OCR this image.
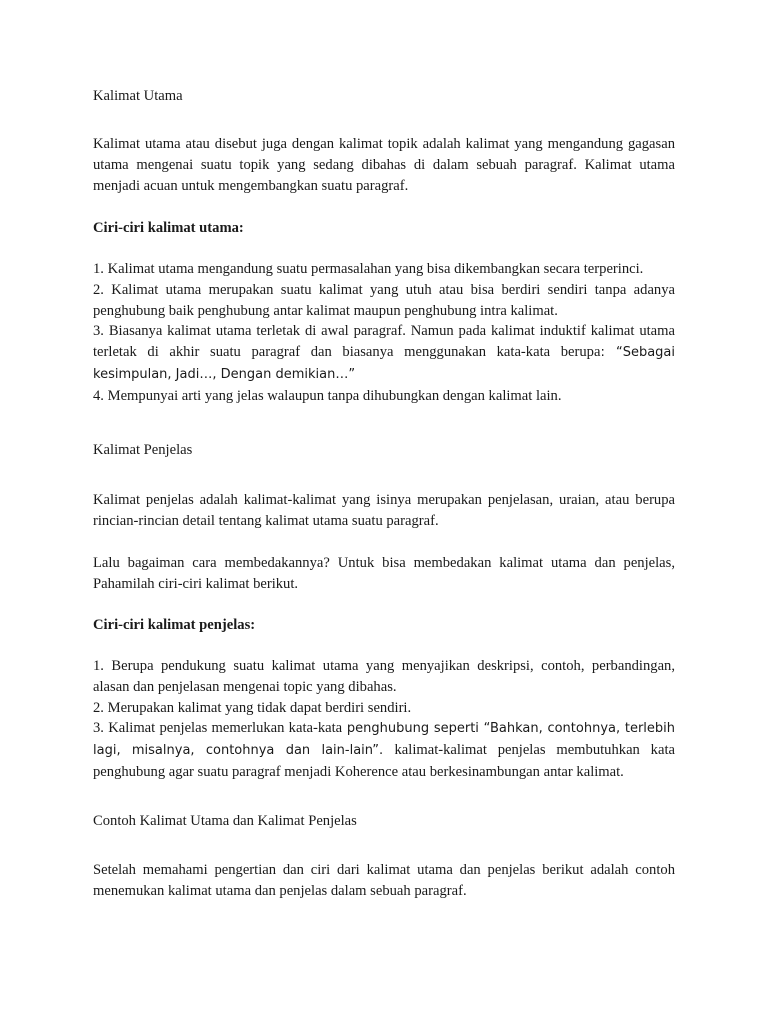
Kalimat Utama

Kalimat utama atau disebut juga dengan kalimat topik adalah kalimat yang mengandung gagasan utama mengenai suatu topik yang sedang dibahas di dalam sebuah paragraf. Kalimat utama menjadi acuan untuk mengembangkan suatu paragraf.

Ciri-ciri kalimat utama:

1. Kalimat utama mengandung suatu permasalahan yang bisa dikembangkan secara terperinci.

2. Kalimat utama merupakan suatu kalimat yang utuh atau bisa berdiri sendiri tanpa adanya penghubung baik penghubung antar kalimat maupun penghubung intra kalimat.

3. Biasanya kalimat utama terletak di awal paragraf. Namun pada kalimat induktif kalimat utama terletak di akhir suatu paragraf dan biasanya menggunakan kata-kata berupa: “Sebagai kesimpulan, Jadi…, Dengan demikian…”

4. Mempunyai arti yang jelas walaupun tanpa dihubungkan dengan kalimat lain.

Kalimat Penjelas

Kalimat penjelas adalah kalimat-kalimat yang isinya merupakan penjelasan, uraian, atau berupa rincian-rincian detail tentang kalimat utama suatu paragraf.

Lalu bagaiman cara membedakannya? Untuk bisa membedakan kalimat utama dan penjelas, Pahamilah ciri-ciri kalimat berikut.

Ciri-ciri kalimat penjelas:

1. Berupa pendukung suatu kalimat utama yang menyajikan deskripsi, contoh, perbandingan, alasan dan penjelasan mengenai topic yang dibahas.

2. Merupakan kalimat yang tidak dapat berdiri sendiri.

3. Kalimat penjelas memerlukan kata-kata penghubung seperti “Bahkan, contohnya, terlebih lagi, misalnya, contohnya dan lain-lain”. kalimat-kalimat penjelas membutuhkan kata penghubung agar suatu paragraf menjadi Koherence atau berkesinambungan antar kalimat.

Contoh Kalimat Utama dan Kalimat Penjelas

Setelah memahami pengertian dan ciri dari kalimat utama dan penjelas berikut adalah contoh menemukan kalimat utama dan penjelas dalam sebuah paragraf.
